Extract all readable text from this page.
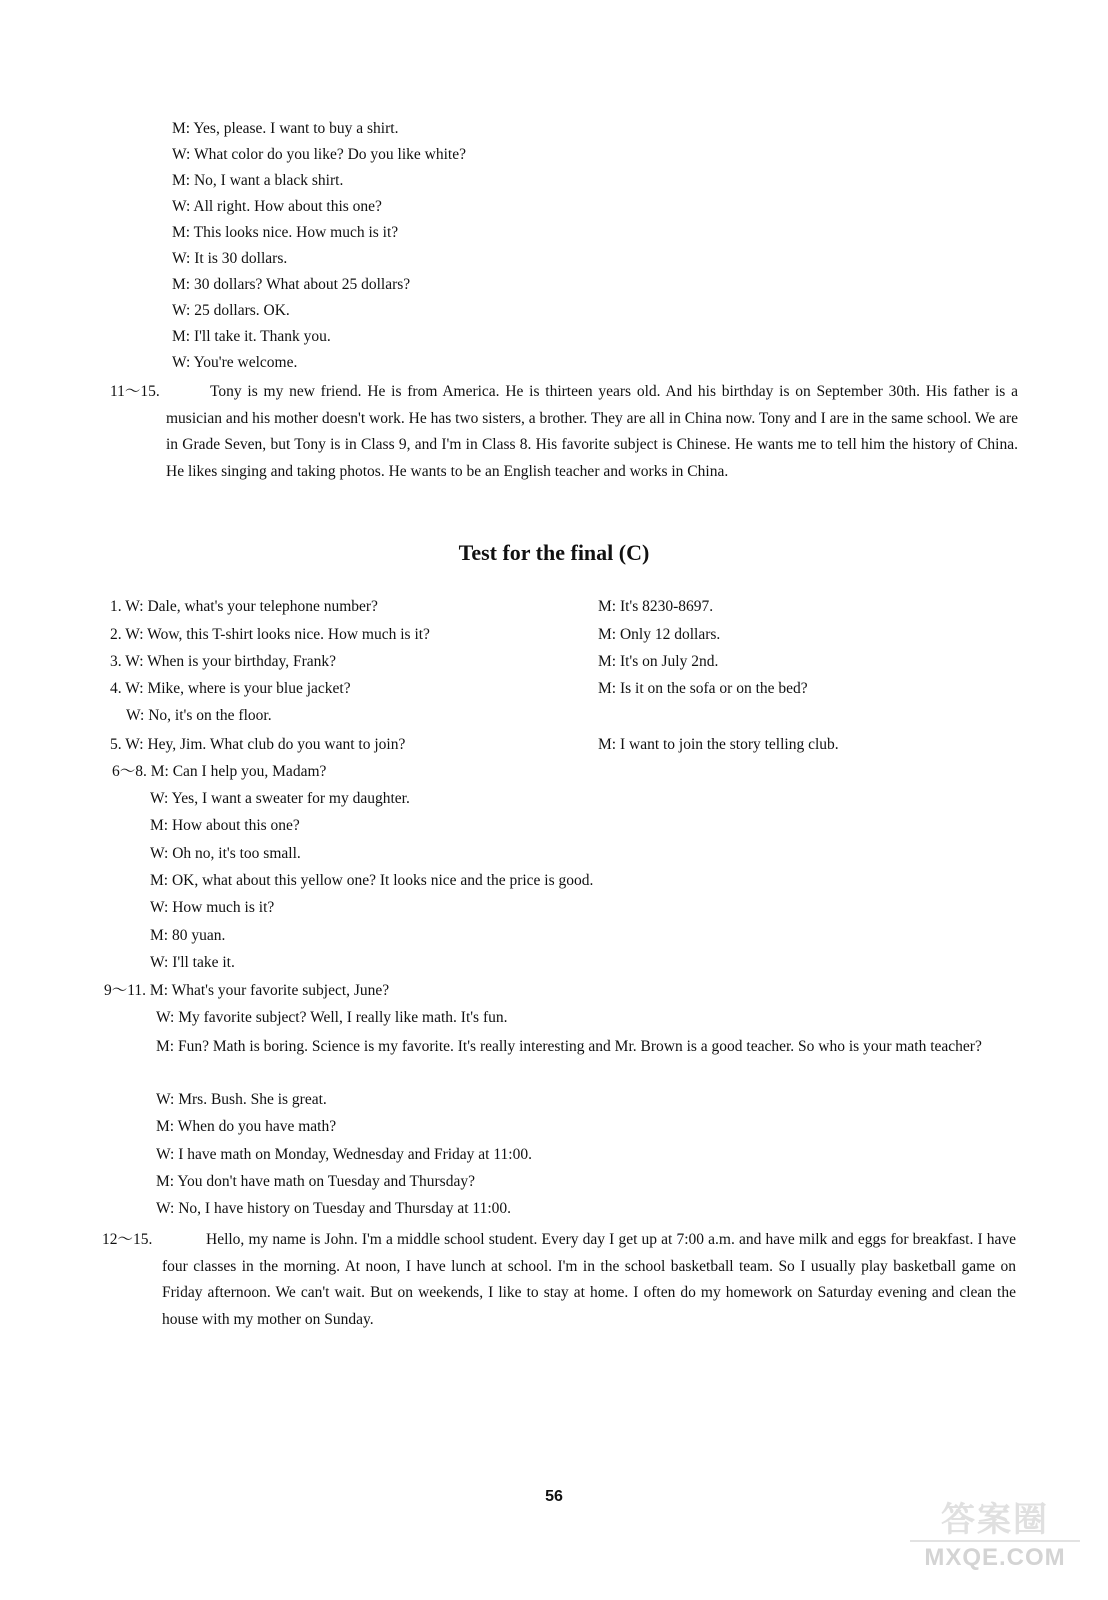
M: Yes, please. I want to buy a shirt.
W: What color do you like? Do you like white?
M: No, I want a black shirt.
W: All right. How about this one?
M: This looks nice. How much is it?
W: It is 30 dollars.
M: 30 dollars? What about 25 dollars?
W: 25 dollars. OK.
M: I'll take it. Thank you.
W: You're welcome.
11～15.	Tony is my new friend. He is from America. He is thirteen years old. And his birthday is on September 30th. His father is a musician and his mother doesn't work. He has two sisters, a brother. They are all in China now. Tony and I are in the same school. We are in Grade Seven, but Tony is in Class 9, and I'm in Class 8. His favorite subject is Chinese. He wants me to tell him the history of China. He likes singing and taking photos. He wants to be an English teacher and works in China.
Test for the final (C)
1. W: Dale, what's your telephone number?	M: It's 8230-8697.
2. W: Wow, this T-shirt looks nice. How much is it?	M: Only 12 dollars.
3. W: When is your birthday, Frank?	M: It's on July 2nd.
4. W: Mike, where is your blue jacket?	M: Is it on the sofa or on the bed?
W: No, it's on the floor.
5. W: Hey, Jim. What club do you want to join?	M: I want to join the story telling club.
6～8. M: Can I help you, Madam?
W: Yes, I want a sweater for my daughter.
M: How about this one?
W: Oh no, it's too small.
M: OK, what about this yellow one? It looks nice and the price is good.
W: How much is it?
M: 80 yuan.
W: I'll take it.
9～11. M: What's your favorite subject, June?
W: My favorite subject? Well, I really like math. It's fun.
M: Fun? Math is boring. Science is my favorite. It's really interesting and Mr. Brown is a good teacher. So who is your math teacher?
W: Mrs. Bush. She is great.
M: When do you have math?
W: I have math on Monday, Wednesday and Friday at 11:00.
M: You don't have math on Tuesday and Thursday?
W: No, I have history on Tuesday and Thursday at 11:00.
12～15.	Hello, my name is John. I'm a middle school student. Every day I get up at 7:00 a.m. and have milk and eggs for breakfast. I have four classes in the morning. At noon, I have lunch at school. I'm in the school basketball team. So I usually play basketball game on Friday afternoon. We can't wait. But on weekends, I like to stay at home. I often do my homework on Saturday evening and clean the house with my mother on Sunday.
56
答案圈
MXQE.COM
